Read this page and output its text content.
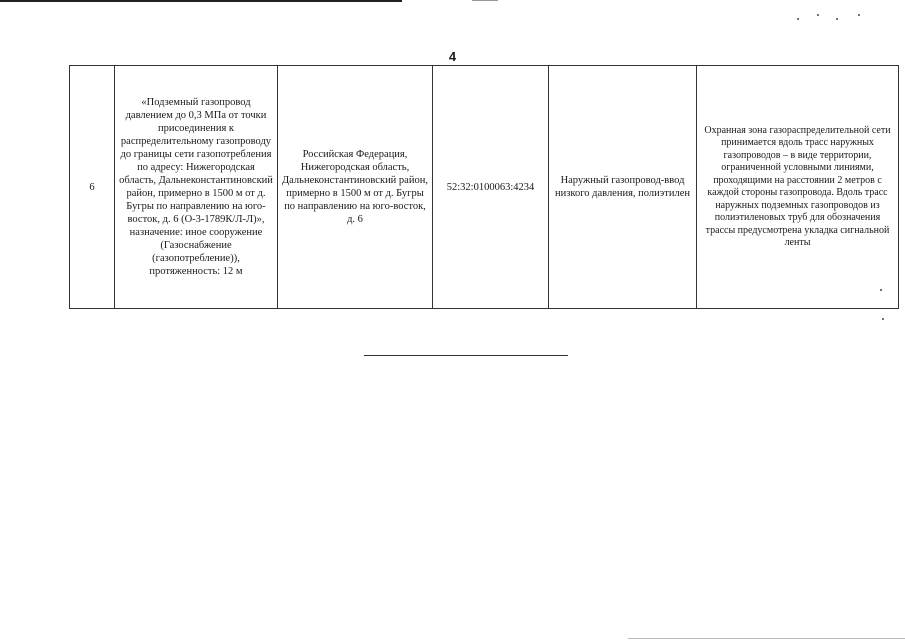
4
6	«Подземный газопровод давлением до 0,3 МПа от точки присоединения к распределительному газопроводу до границы сети газопотребления по адресу: Нижегородская область, Дальнеконстантиновский район, примерно в 1500 м от д. Бугры по направлению на юго-восток, д. 6 (О-3-1789К/Л-Л)», назначение: иное сооружение (Газоснабжение (газопотребление)), протяженность: 12 м	Российская Федерация, Нижегородская область, Дальнеконстантиновский район, примерно в 1500 м от д. Бугры по направлению на юго-восток, д. 6	52:32:0100063:4234	Наружный газопровод-ввод низкого давления, полиэтилен	Охранная зона газораспределительной сети принимается вдоль трасс наружных газопроводов – в виде территории, ограниченной условными линиями, проходящими на расстоянии 2 метров с каждой стороны газопровода. Вдоль трасс наружных подземных газопроводов из полиэтиленовых труб для обозначения трассы предусмотрена укладка сигнальной ленты
